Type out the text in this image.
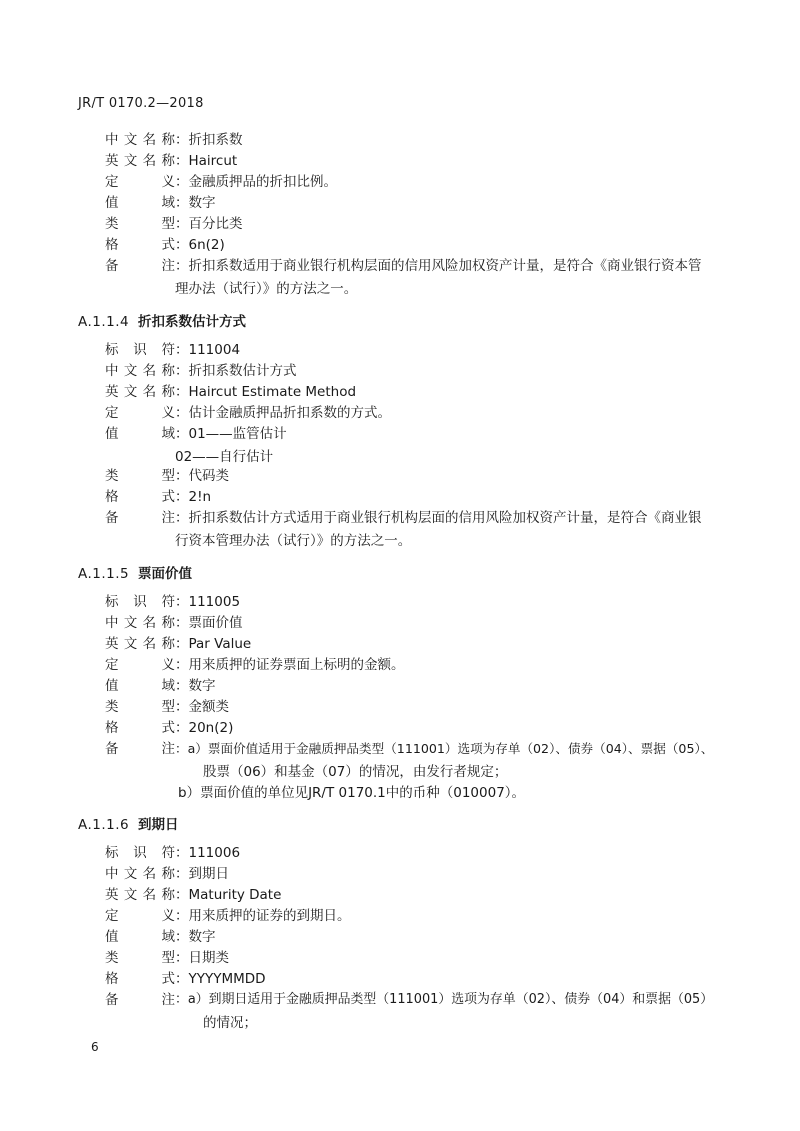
JR/T 0170.2—2018
中文名称 ：折扣系数
英文名称 ：Haircut
定义 ：金融质押品的折扣比例。
值域 ：数字
类型 ：百分比类
格式 ：6n(2)
备注 ：折扣系数适用于商业银行机构层面的信用风险加权资产计量，是符合《商业银行资本管
理办法（试行）》的方法之一。
A.1.1.4 折扣系数估计方式
标识符 ：111004
中文名称 ：折扣系数估计方式
英文名称 ：Haircut Estimate Method
定义 ：估计金融质押品折扣系数的方式。
值域 ：01——监管估计
02——自行估计
类型 ：代码类
格式 ：2!n
备注 ：折扣系数估计方式适用于商业银行机构层面的信用风险加权资产计量，是符合《商业银
行资本管理办法（试行）》的方法之一。
A.1.1.5 票面价值
标识符 ：111005
中文名称 ：票面价值
英文名称 ：Par Value
定义 ：用来质押的证券票面上标明的金额。
值域 ：数字
类型 ：金额类
格式 ：20n(2)
备注 ：a）票面价值适用于金融质押品类型（111001）选项为存单（02）、债券（04）、票据（05）、
股票（06）和基金（07）的情况，由发行者规定；
b）票面价值的单位见JR/T 0170.1中的币种（010007）。
A.1.1.6 到期日
标识符 ：111006
中文名称 ：到期日
英文名称 ：Maturity Date
定义 ：用来质押的证券的到期日。
值域 ：数字
类型 ：日期类
格式 ：YYYYMMDD
备注 ：a）到期日适用于金融质押品类型（111001）选项为存单（02）、债券（04）和票据（05）
的情况；
6
